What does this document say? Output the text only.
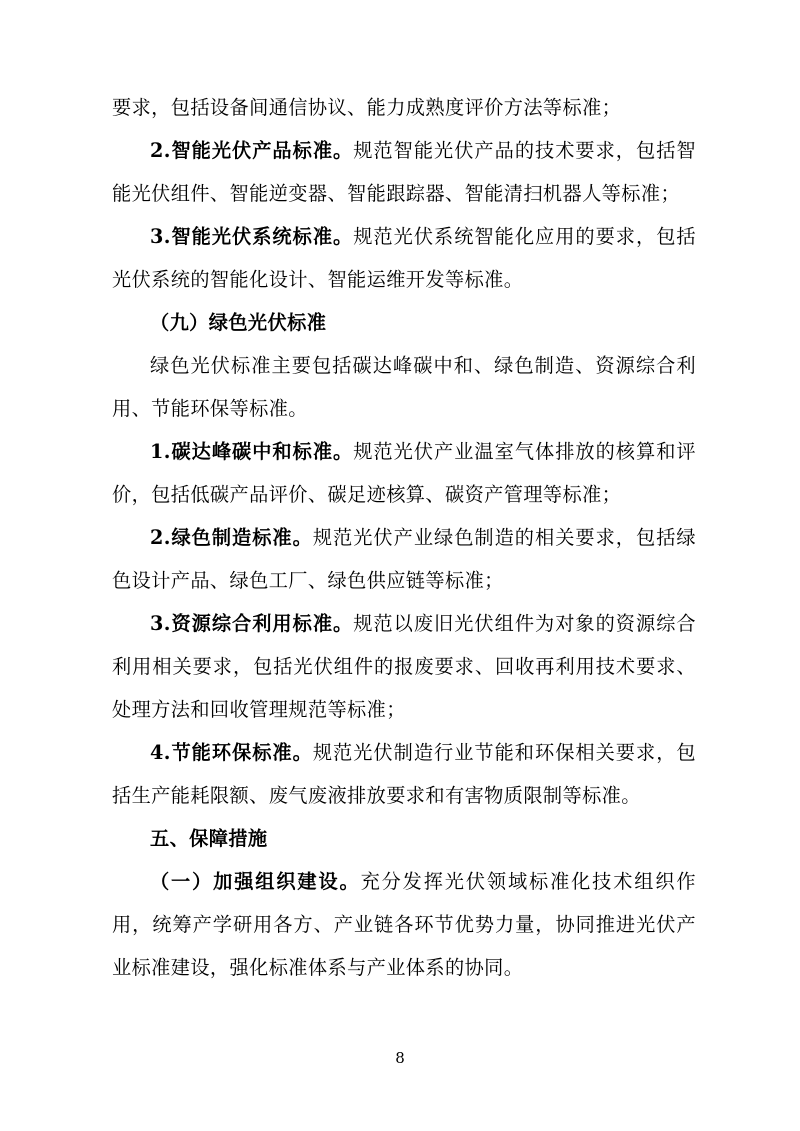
要求，包括设备间通信协议、能力成熟度评价方法等标准；

2.智能光伏产品标准。规范智能光伏产品的技术要求，包括智能光伏组件、智能逆变器、智能跟踪器、智能清扫机器人等标准；

3.智能光伏系统标准。规范光伏系统智能化应用的要求，包括光伏系统的智能化设计、智能运维开发等标准。

（九）绿色光伏标准

绿色光伏标准主要包括碳达峰碳中和、绿色制造、资源综合利用、节能环保等标准。

1.碳达峰碳中和标准。规范光伏产业温室气体排放的核算和评价，包括低碳产品评价、碳足迹核算、碳资产管理等标准；

2.绿色制造标准。规范光伏产业绿色制造的相关要求，包括绿色设计产品、绿色工厂、绿色供应链等标准；

3.资源综合利用标准。规范以废旧光伏组件为对象的资源综合利用相关要求，包括光伏组件的报废要求、回收再利用技术要求、处理方法和回收管理规范等标准；

4.节能环保标准。规范光伏制造行业节能和环保相关要求，包括生产能耗限额、废气废液排放要求和有害物质限制等标准。

五、保障措施

（一）加强组织建设。充分发挥光伏领域标准化技术组织作用，统筹产学研用各方、产业链各环节优势力量，协同推进光伏产业标准建设，强化标准体系与产业体系的协同。

8
